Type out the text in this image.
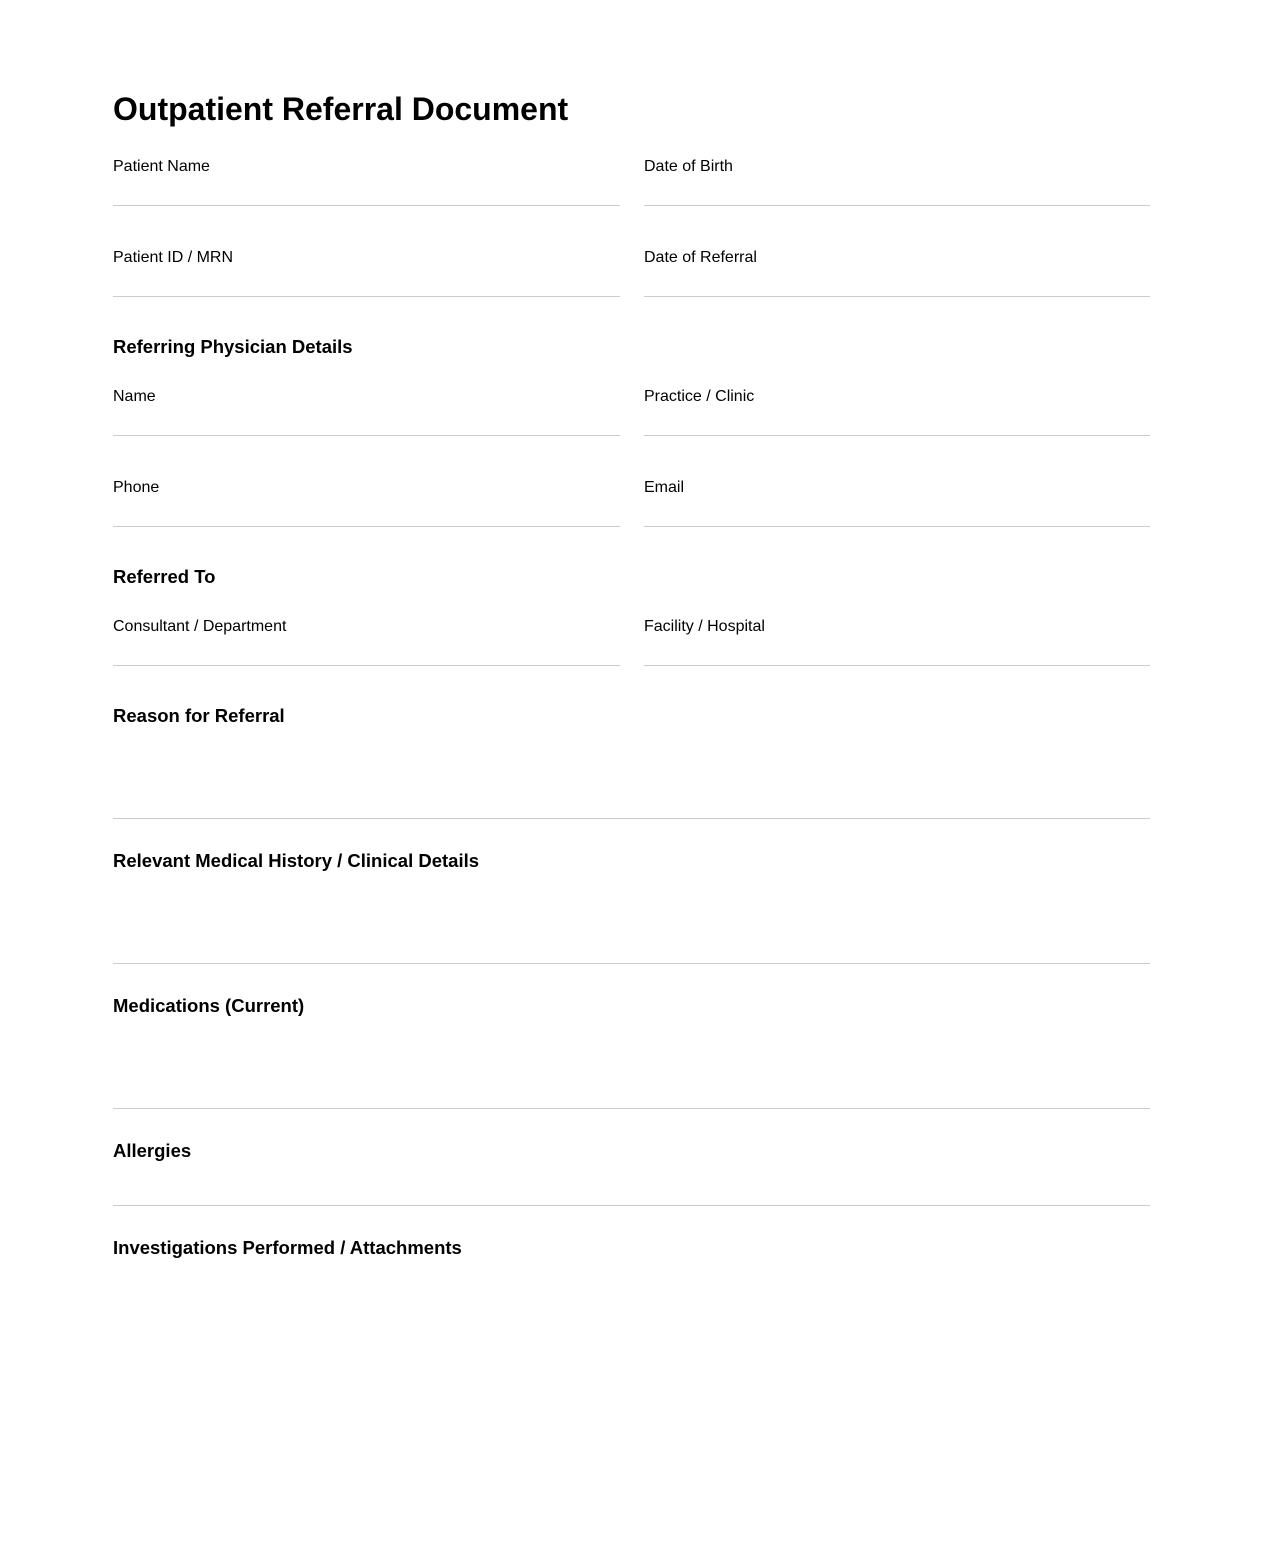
Outpatient Referral Document
Patient Name	Date of Birth
Patient ID / MRN	Date of Referral
Referring Physician Details
Name	Practice / Clinic
Phone	Email
Referred To
Consultant / Department	Facility / Hospital
Reason for Referral
Relevant Medical History / Clinical Details
Medications (Current)
Allergies
Investigations Performed / Attachments
